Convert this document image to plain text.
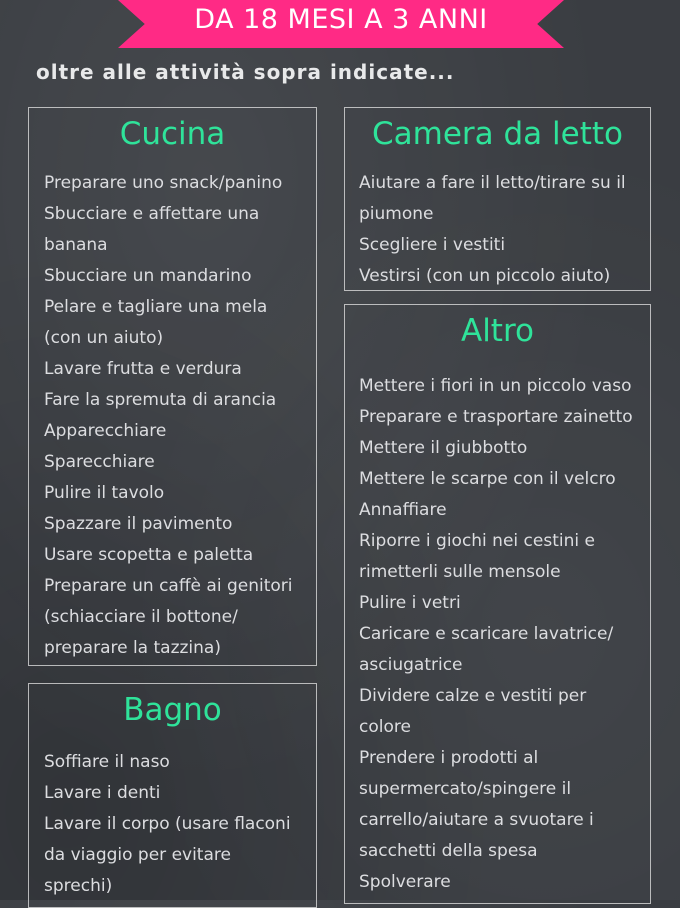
DA 18 MESI A 3 ANNI
oltre alle attività sopra indicate...
Cucina
Preparare uno snack/panino
Sbucciare e affettare una
banana
Sbucciare un mandarino
Pelare e tagliare una mela
(con un aiuto)
Lavare frutta e verdura
Fare la spremuta di arancia
Apparecchiare
Sparecchiare
Pulire il tavolo
Spazzare il pavimento
Usare scopetta e paletta
Preparare un caffè ai genitori
(schiacciare il bottone/
preparare la tazzina)
Camera da letto
Aiutare a fare il letto/tirare su il
piumone
Scegliere i vestiti
Vestirsi (con un piccolo aiuto)
Altro
Mettere i fiori in un piccolo vaso
Preparare e trasportare zainetto
Mettere il giubbotto
Mettere le scarpe con il velcro
Annaffiare
Riporre i giochi nei cestini e
rimetterli sulle mensole
Pulire i vetri
Caricare e scaricare lavatrice/
asciugatrice
Dividere calze e vestiti per
colore
Prendere i prodotti al
supermercato/spingere il
carrello/aiutare a svuotare i
sacchetti della spesa
Spolverare
Bagno
Soffiare il naso
Lavare i denti
Lavare il corpo (usare flaconi
da viaggio per evitare
sprechi)
